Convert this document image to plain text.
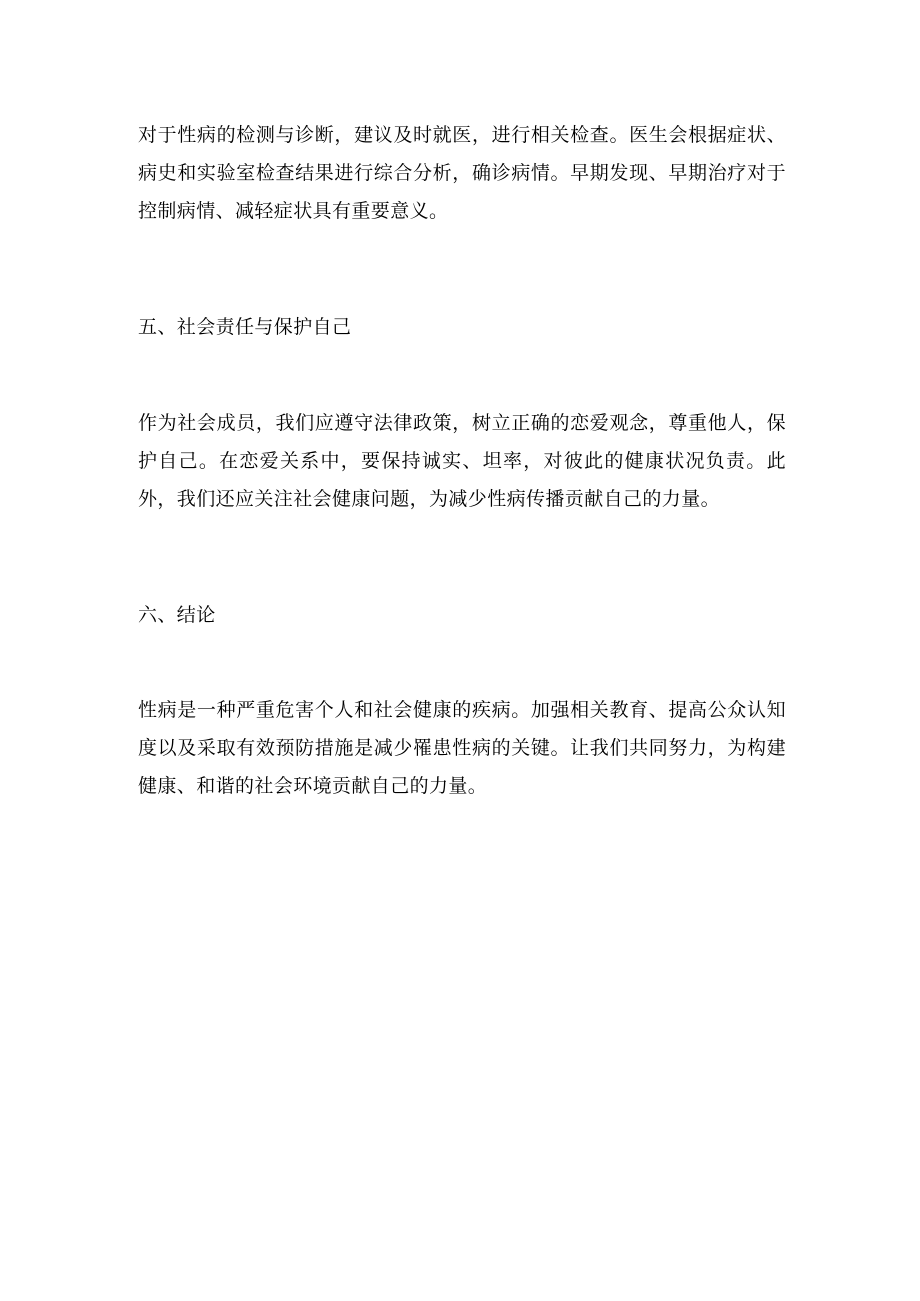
对于性病的检测与诊断，建议及时就医，进行相关检查。医生会根据症状、病史和实验室检查结果进行综合分析，确诊病情。早期发现、早期治疗对于控制病情、减轻症状具有重要意义。

五、社会责任与保护自己

作为社会成员，我们应遵守法律政策，树立正确的恋爱观念，尊重他人，保护自己。在恋爱关系中，要保持诚实、坦率，对彼此的健康状况负责。此外，我们还应关注社会健康问题，为减少性病传播贡献自己的力量。

六、结论

性病是一种严重危害个人和社会健康的疾病。加强相关教育、提高公众认知度以及采取有效预防措施是减少罹患性病的关键。让我们共同努力，为构建健康、和谐的社会环境贡献自己的力量。
